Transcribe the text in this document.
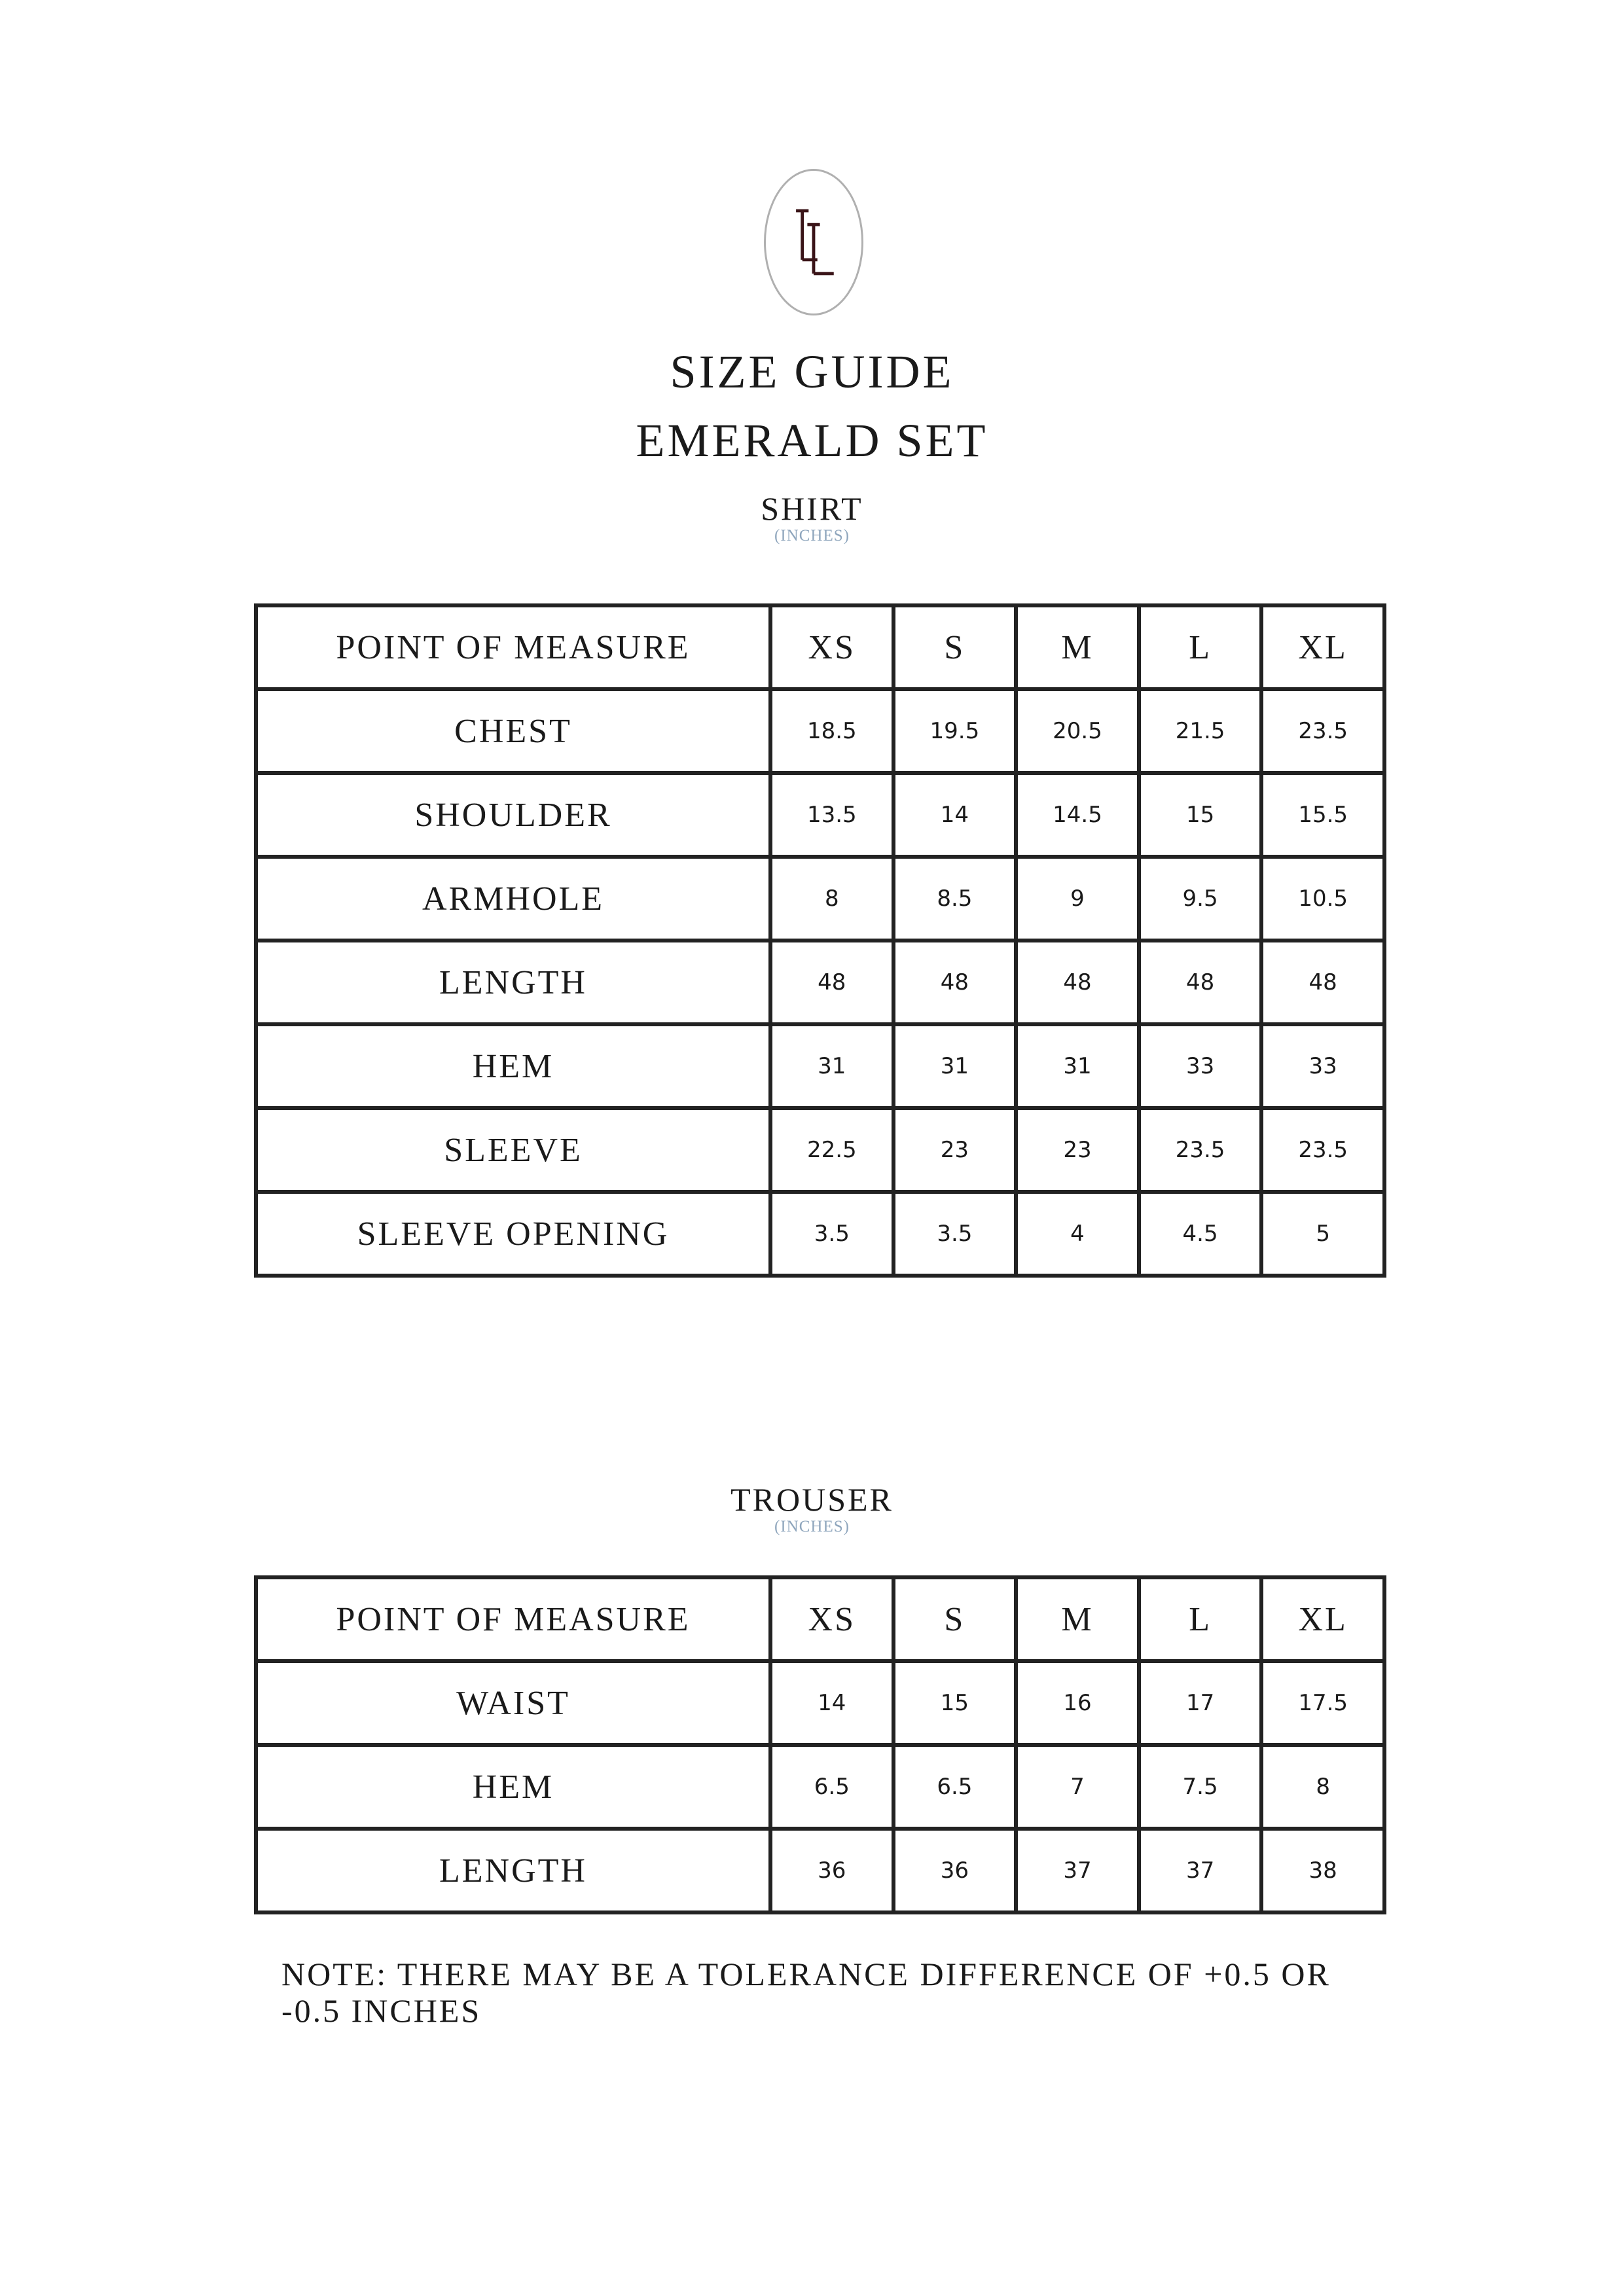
SIZE GUIDE
EMERALD SET
SHIRT
(INCHES)
POINT OF MEASURE	XS	S	M	L	XL
CHEST	18.5	19.5	20.5	21.5	23.5
SHOULDER	13.5	14	14.5	15	15.5
ARMHOLE	8	8.5	9	9.5	10.5
LENGTH	48	48	48	48	48
HEM	31	31	31	33	33
SLEEVE	22.5	23	23	23.5	23.5
SLEEVE OPENING	3.5	3.5	4	4.5	5
TROUSER
(INCHES)
POINT OF MEASURE	XS	S	M	L	XL
WAIST	14	15	16	17	17.5
HEM	6.5	6.5	7	7.5	8
LENGTH	36	36	37	37	38
NOTE: THERE MAY BE A TOLERANCE DIFFERENCE OF +0.5 OR -0.5 INCHES
